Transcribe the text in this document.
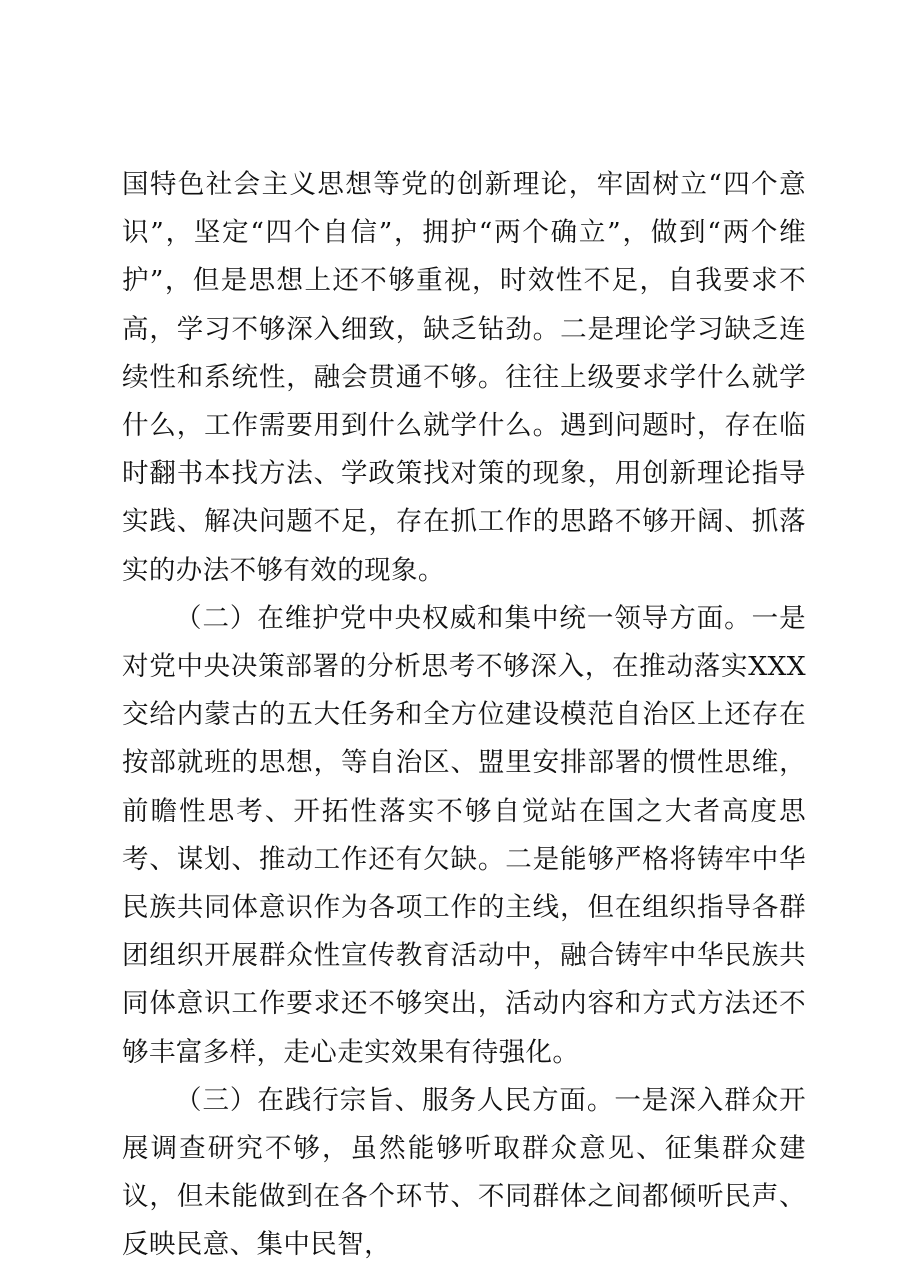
国特色社会主义思想等党的创新理论，牢固树立“四个意识”，坚定“四个自信”，拥护“两个确立”，做到“两个维护”，但是思想上还不够重视，时效性不足，自我要求不高，学习不够深入细致，缺乏钻劲。二是理论学习缺乏连续性和系统性，融会贯通不够。往往上级要求学什么就学什么，工作需要用到什么就学什么。遇到问题时，存在临时翻书本找方法、学政策找对策的现象，用创新理论指导实践、解决问题不足，存在抓工作的思路不够开阔、抓落实的办法不够有效的现象。

（二）在维护党中央权威和集中统一领导方面。一是对党中央决策部署的分析思考不够深入，在推动落实XXX交给内蒙古的五大任务和全方位建设模范自治区上还存在按部就班的思想，等自治区、盟里安排部署的惯性思维，前瞻性思考、开拓性落实不够自觉站在国之大者高度思考、谋划、推动工作还有欠缺。二是能够严格将铸牢中华民族共同体意识作为各项工作的主线，但在组织指导各群团组织开展群众性宣传教育活动中，融合铸牢中华民族共同体意识工作要求还不够突出，活动内容和方式方法还不够丰富多样，走心走实效果有待强化。

（三）在践行宗旨、服务人民方面。一是深入群众开展调查研究不够，虽然能够听取群众意见、征集群众建议，但未能做到在各个环节、不同群体之间都倾听民声、反映民意、集中民智，
